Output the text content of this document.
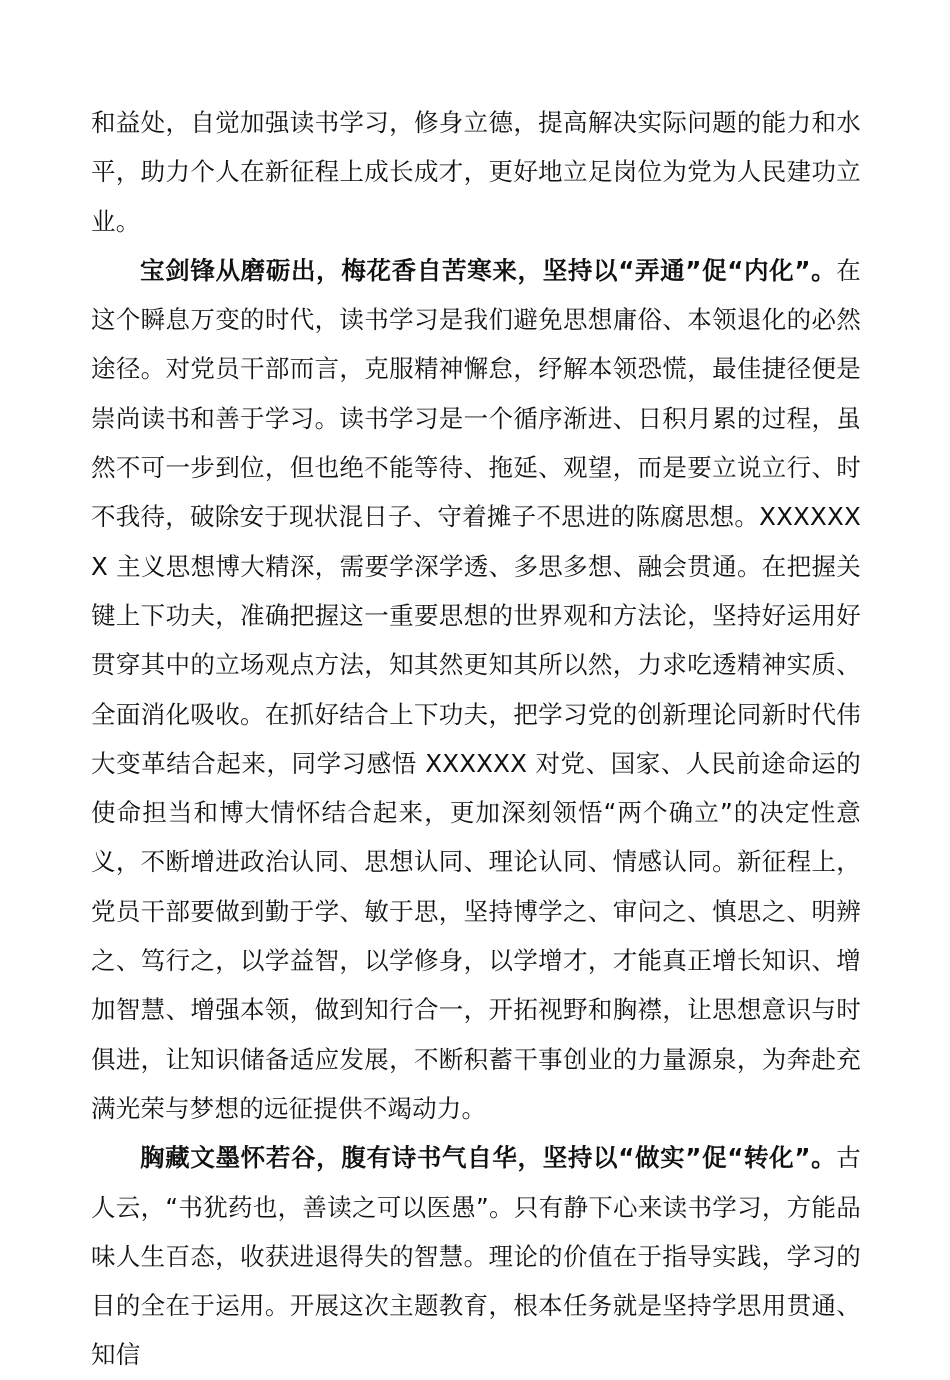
和益处，自觉加强读书学习，修身立德，提高解决实际问题的能力和水平，助力个人在新征程上成长成才，更好地立足岗位为党为人民建功立业。

宝剑锋从磨砺出，梅花香自苦寒来，坚持以“弄通”促“内化”。在这个瞬息万变的时代，读书学习是我们避免思想庸俗、本领退化的必然途径。对党员干部而言，克服精神懈怠，纾解本领恐慌，最佳捷径便是崇尚读书和善于学习。读书学习是一个循序渐进、日积月累的过程，虽然不可一步到位，但也绝不能等待、拖延、观望，而是要立说立行、时不我待，破除安于现状混日子、守着摊子不思进的陈腐思想。XXXXXXX 主义思想博大精深，需要学深学透、多思多想、融会贯通。在把握关键上下功夫，准确把握这一重要思想的世界观和方法论，坚持好运用好贯穿其中的立场观点方法，知其然更知其所以然，力求吃透精神实质、全面消化吸收。在抓好结合上下功夫，把学习党的创新理论同新时代伟大变革结合起来，同学习感悟 XXXXXX 对党、国家、人民前途命运的使命担当和博大情怀结合起来，更加深刻领悟“两个确立”的决定性意义，不断增进政治认同、思想认同、理论认同、情感认同。新征程上，党员干部要做到勤于学、敏于思，坚持博学之、审问之、慎思之、明辨之、笃行之，以学益智，以学修身，以学增才，才能真正增长知识、增加智慧、增强本领，做到知行合一，开拓视野和胸襟，让思想意识与时俱进，让知识储备适应发展，不断积蓄干事创业的力量源泉，为奔赴充满光荣与梦想的远征提供不竭动力。

胸藏文墨怀若谷，腹有诗书气自华，坚持以“做实”促“转化”。古人云，“书犹药也，善读之可以医愚”。只有静下心来读书学习，方能品味人生百态，收获进退得失的智慧。理论的价值在于指导实践，学习的目的全在于运用。开展这次主题教育，根本任务就是坚持学思用贯通、知信
